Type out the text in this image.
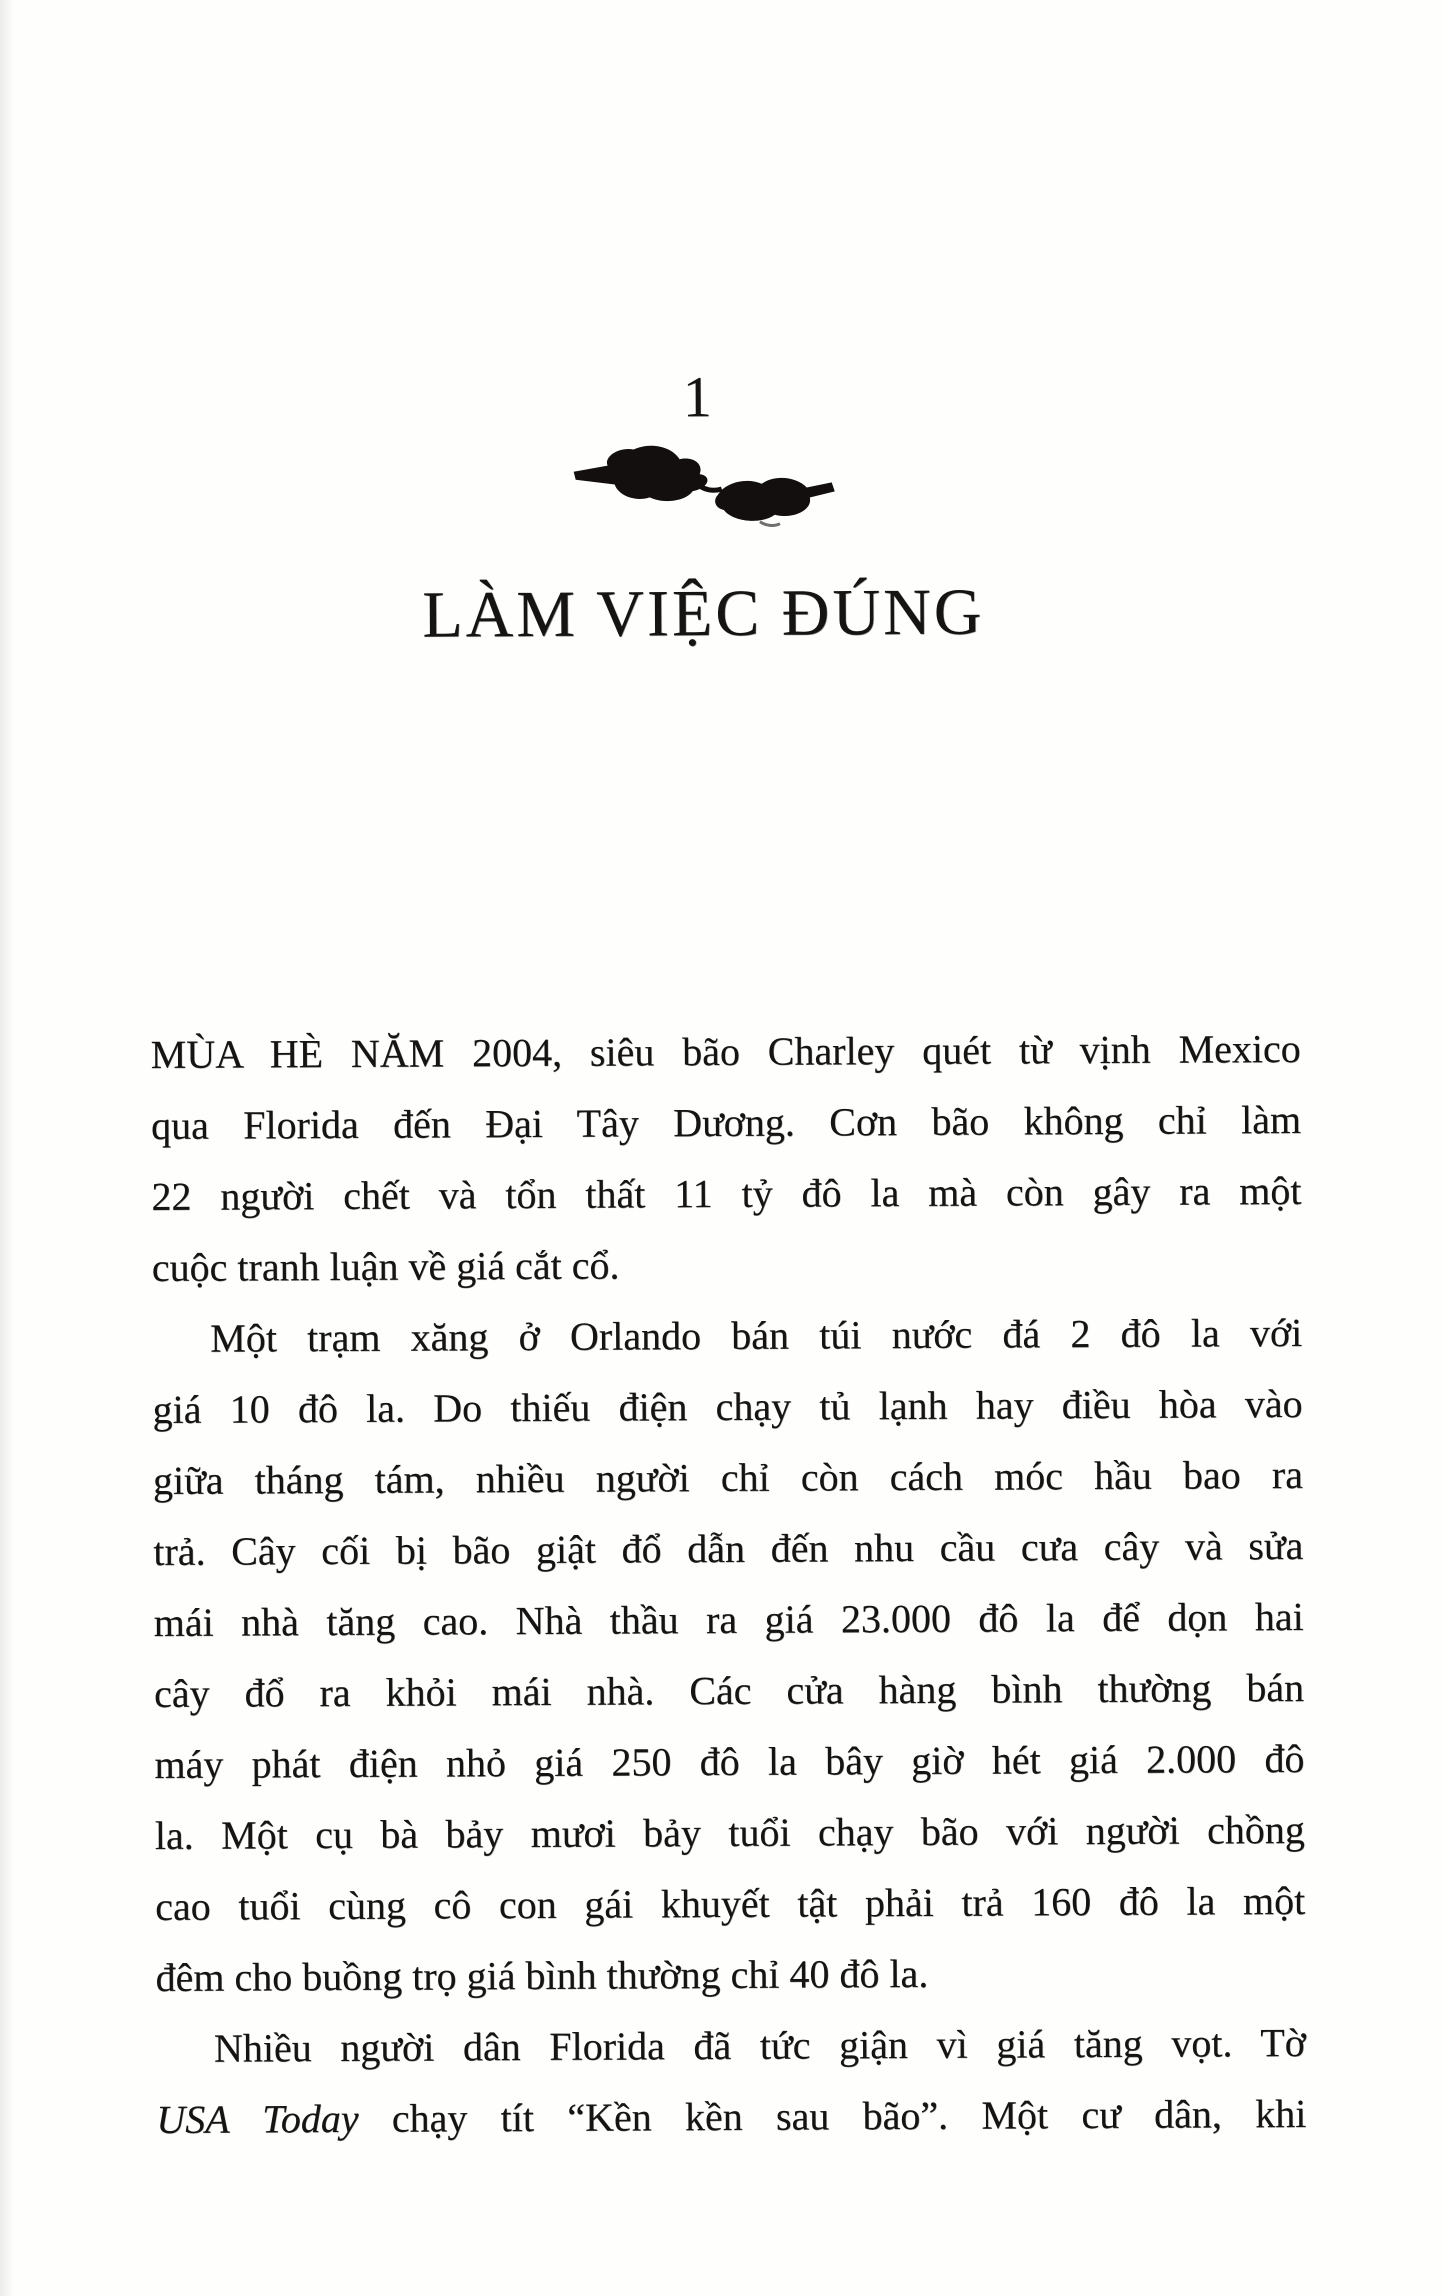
1
LÀM VIỆC ĐÚNG
MÙA HÈ NĂM 2004, siêu bão Charley quét từ vịnh Mexico
qua Florida đến Đại Tây Dương. Cơn bão không chỉ làm
22 người chết và tổn thất 11 tỷ đô la mà còn gây ra một
cuộc tranh luận về giá cắt cổ.
Một trạm xăng ở Orlando bán túi nước đá 2 đô la với
giá 10 đô la. Do thiếu điện chạy tủ lạnh hay điều hòa vào
giữa tháng tám, nhiều người chỉ còn cách móc hầu bao ra
trả. Cây cối bị bão giật đổ dẫn đến nhu cầu cưa cây và sửa
mái nhà tăng cao. Nhà thầu ra giá 23.000 đô la để dọn hai
cây đổ ra khỏi mái nhà. Các cửa hàng bình thường bán
máy phát điện nhỏ giá 250 đô la bây giờ hét giá 2.000 đô
la. Một cụ bà bảy mươi bảy tuổi chạy bão với người chồng
cao tuổi cùng cô con gái khuyết tật phải trả 160 đô la một
đêm cho buồng trọ giá bình thường chỉ 40 đô la.
Nhiều người dân Florida đã tức giận vì giá tăng vọt. Tờ
USA Today chạy tít “Kền kền sau bão”. Một cư dân, khi
